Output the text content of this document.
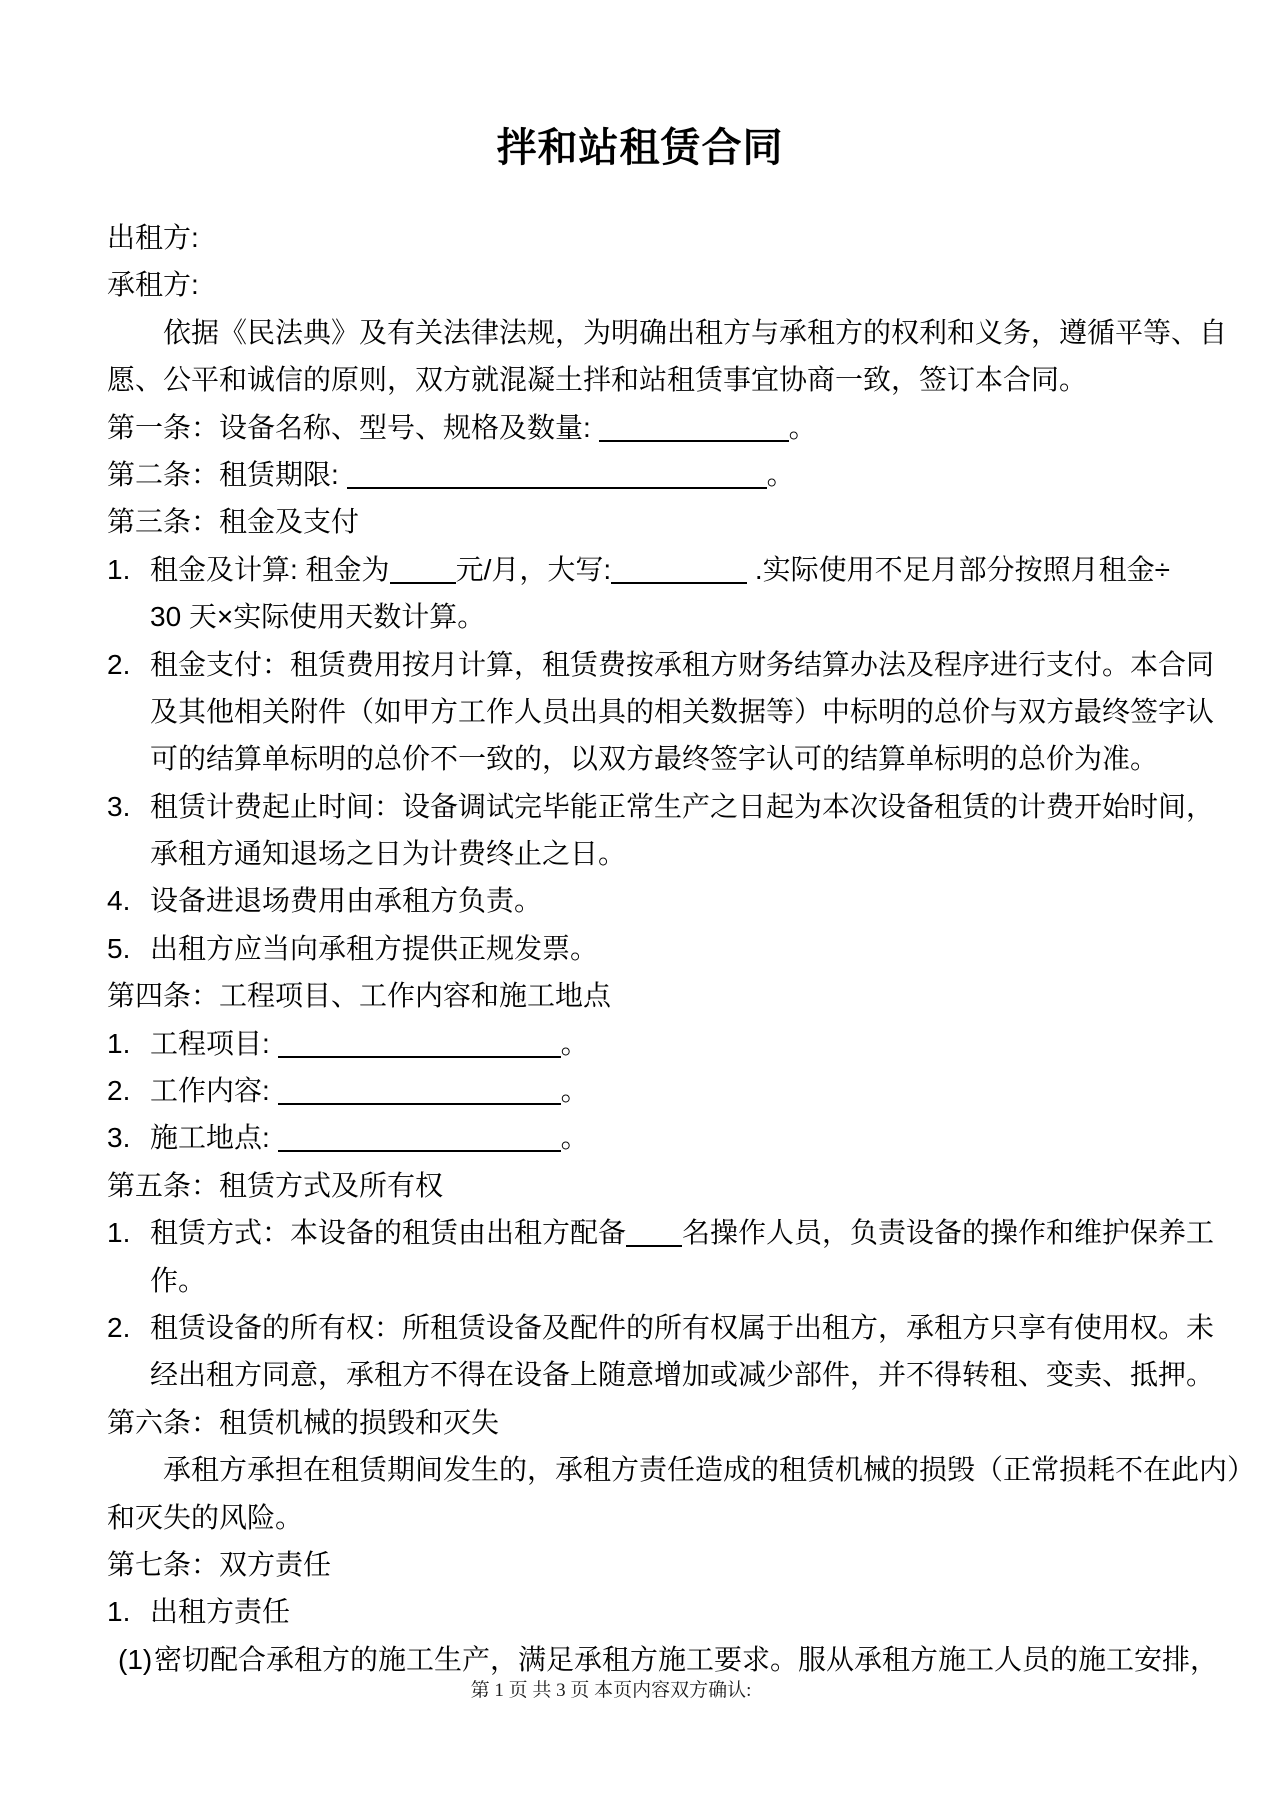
拌和站租赁合同
出租方:
承租方:
依据《民法典》及有关法律法规，为明确出租方与承租方的权利和义务，遵循平等、自
愿、公平和诚信的原则，双方就混凝土拌和站租赁事宜协商一致，签订本合同。
第一条：设备名称、型号、规格及数量:	。
第二条：租赁期限:	。
第三条：租金及支付
1. 租金及计算: 租金为 元/月，大写:	.实际使用不足月部分按照月租金÷
30 天×实际使用天数计算。
2. 租金支付：租赁费用按月计算，租赁费按承租方财务结算办法及程序进行支付。本合同
及其他相关附件（如甲方工作人员出具的相关数据等）中标明的总价与双方最终签字认
可的结算单标明的总价不一致的，以双方最终签字认可的结算单标明的总价为准。
3. 租赁计费起止时间：设备调试完毕能正常生产之日起为本次设备租赁的计费开始时间，
承租方通知退场之日为计费终止之日。
4. 设备进退场费用由承租方负责。
5. 出租方应当向承租方提供正规发票。
第四条：工程项目、工作内容和施工地点
1. 工程项目:	。
2. 工作内容:	。
3. 施工地点:	。
第五条：租赁方式及所有权
1. 租赁方式：本设备的租赁由出租方配备 名操作人员，负责设备的操作和维护保养工
作。
2. 租赁设备的所有权：所租赁设备及配件的所有权属于出租方，承租方只享有使用权。未
经出租方同意，承租方不得在设备上随意增加或减少部件，并不得转租、变卖、抵押。
第六条：租赁机械的损毁和灭失
承租方承担在租赁期间发生的，承租方责任造成的租赁机械的损毁（正常损耗不在此内）
和灭失的风险。
第七条：双方责任
1. 出租方责任
(1)密切配合承租方的施工生产，满足承租方施工要求。服从承租方施工人员的施工安排，
第 1 页 共 3 页 本页内容双方确认:
